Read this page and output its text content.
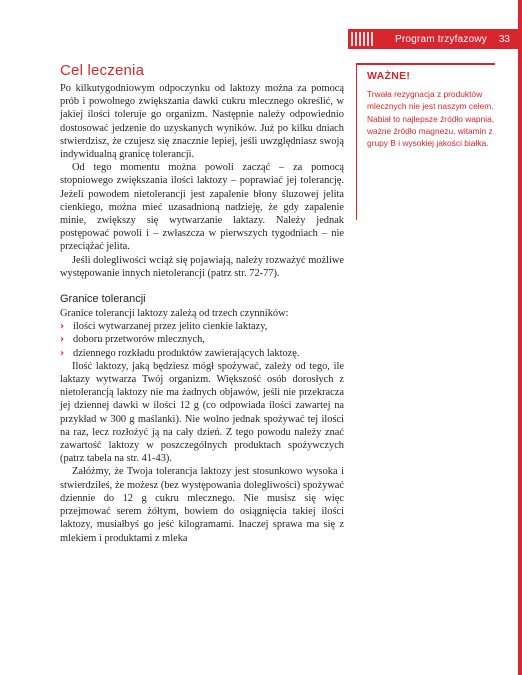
Program trzyfazowy 33
Cel leczenia

Po kilkutygodniowym odpoczynku od laktozy można za pomocą prób i powolnego zwiększania dawki cukru mlecznego określić, w jakiej ilości toleruje go organizm. Następnie należy odpowiednio dostosować jedzenie do uzyskanych wyników. Już po kilku dniach stwierdzisz, że czujesz się znacznie lepiej, jeśli uwzględniasz swoją indywidualną granicę tolerancji.

Od tego momentu można powoli zacząć – za pomocą stopniowego zwiększania ilości laktozy – poprawiać jej tolerancję. Jeżeli powodem nietolerancji jest zapalenie błony śluzowej jelita cienkiego, można mieć uzasadnioną nadzieję, że gdy zapalenie minie, zwiększy się wytwarzanie laktazy. Należy jednak postępować powoli i – zwłaszcza w pierwszych tygodniach – nie przeciążać jelita.

Jeśli dolegliwości wciąż się pojawiają, należy rozważyć możliwe występowanie innych nietolerancji (patrz str. 72-77).

Granice tolerancji

Granice tolerancji laktozy zależą od trzech czynników:

› ilości wytwarzanej przez jelito cienkie laktazy,
› doboru przetworów mlecznych,
› dziennego rozkładu produktów zawierających laktozę.

Ilość laktozy, jaką będziesz mógł spożywać, zależy od tego, ile laktazy wytwarza Twój organizm. Większość osób dorosłych z nietolerancją laktozy nie ma żadnych objawów, jeśli nie przekracza jej dziennej dawki w ilości 12 g (co odpowiada ilości zawartej na przykład w 300 g maślanki). Nie wolno jednak spożywać tej ilości na raz, lecz rozłożyć ją na cały dzień. Z tego powodu należy znać zawartość laktozy w poszczególnych produktach spożywczych (patrz tabela na str. 41-43).

Załóżmy, że Twoja tolerancja laktozy jest stosunkowo wysoka i stwierdziłeś, że możesz (bez występowania dolegliwości) spożywać dziennie do 12 g cukru mlecznego. Nie musisz się więc przejmować serem żółtym, bowiem do osiągnięcia takiej ilości laktozy, musiałbyś go jeść kilogramami. Inaczej sprawa ma się z mlekiem i produktami z mleka

WAŻNE!

Trwała rezygnacja z produktów mlecznych nie jest naszym celem. Nabiał to najlepsze źródło wapnia, ważne źródło magnezu, witamin z grupy B i wysokiej jakości białka.
